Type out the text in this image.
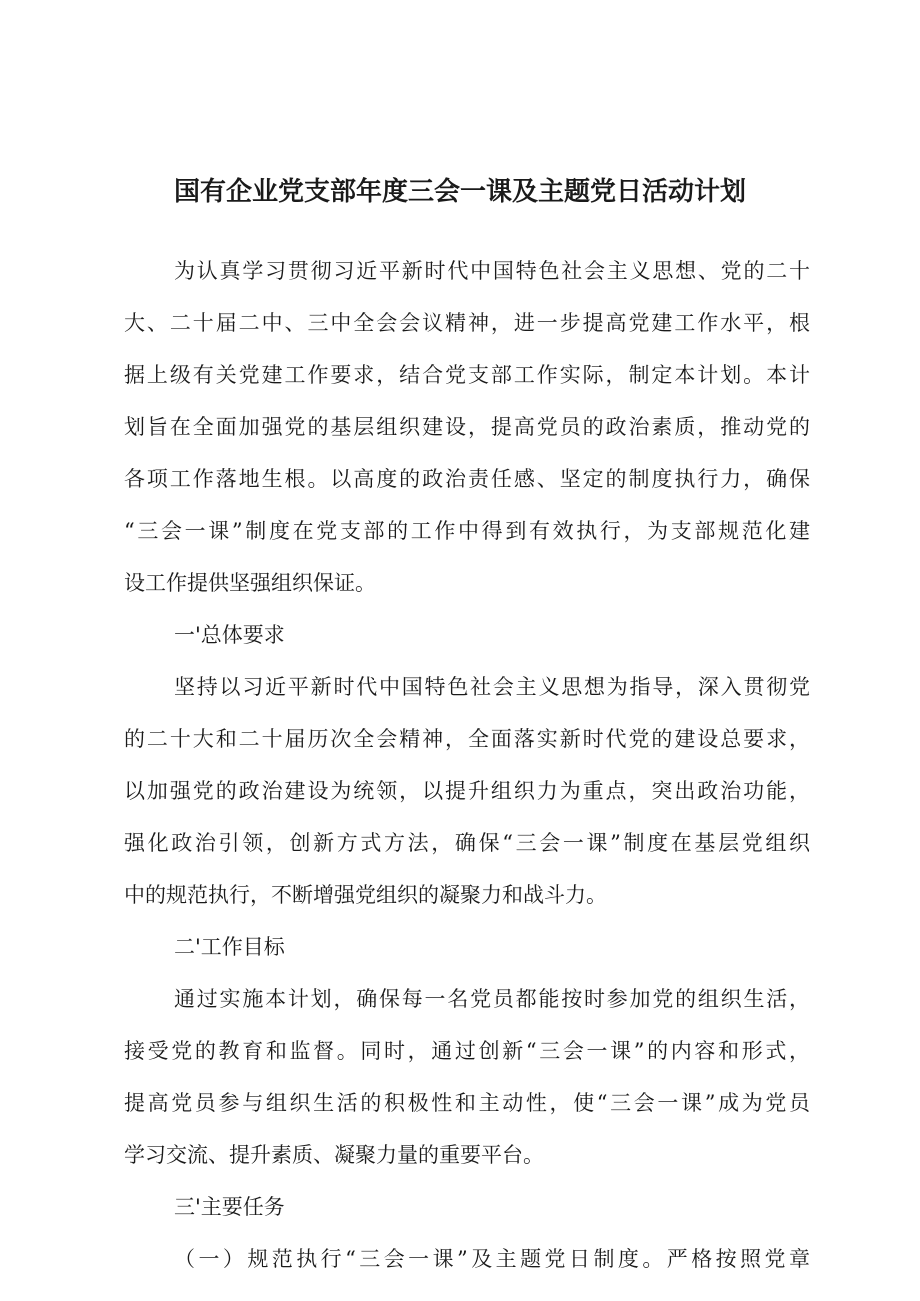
国有企业党支部年度三会一课及主题党日活动计划
为认真学习贯彻习近平新时代中国特色社会主义思想、党的二十
大、二十届二中、三中全会会议精神，进一步提高党建工作水平，根
据上级有关党建工作要求，结合党支部工作实际，制定本计划。本计
划旨在全面加强党的基层组织建设，提高党员的政治素质，推动党的
各项工作落地生根。以高度的政治责任感、坚定的制度执行力，确保
“三会一课”制度在党支部的工作中得到有效执行，为支部规范化建
设工作提供坚强组织保证。
一'总体要求
坚持以习近平新时代中国特色社会主义思想为指导，深入贯彻党
的二十大和二十届历次全会精神，全面落实新时代党的建设总要求，
以加强党的政治建设为统领，以提升组织力为重点，突出政治功能，
强化政治引领，创新方式方法，确保“三会一课”制度在基层党组织
中的规范执行，不断增强党组织的凝聚力和战斗力。
二'工作目标
通过实施本计划，确保每一名党员都能按时参加党的组织生活，
接受党的教育和监督。同时，通过创新“三会一课”的内容和形式，
提高党员参与组织生活的积极性和主动性，使“三会一课”成为党员
学习交流、提升素质、凝聚力量的重要平台。
三'主要任务
（一）规范执行“三会一课”及主题党日制度。严格按照党章
